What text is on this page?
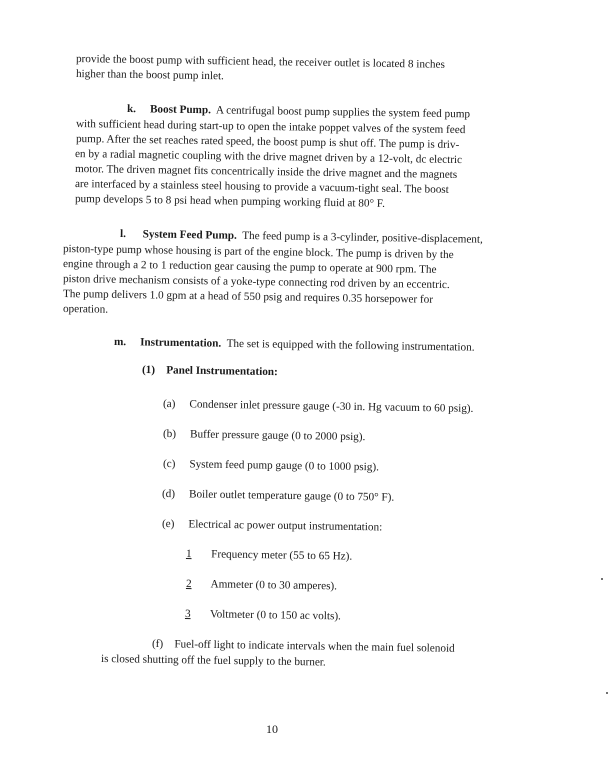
provide the boost pump with sufficient head, the receiver outlet is located 8 inches
higher than the boost pump inlet.
k. Boost Pump. A centrifugal boost pump supplies the system feed pump
with sufficient head during start-up to open the intake poppet valves of the system feed
pump. After the set reaches rated speed, the boost pump is shut off. The pump is driv-
en by a radial magnetic coupling with the drive magnet driven by a 12-volt, dc electric
motor. The driven magnet fits concentrically inside the drive magnet and the magnets
are interfaced by a stainless steel housing to provide a vacuum-tight seal. The boost
pump develops 5 to 8 psi head when pumping working fluid at 80° F.
l. System Feed Pump. The feed pump is a 3-cylinder, positive-displacement,
piston-type pump whose housing is part of the engine block. The pump is driven by the
engine through a 2 to 1 reduction gear causing the pump to operate at 900 rpm. The
piston drive mechanism consists of a yoke-type connecting rod driven by an eccentric.
The pump delivers 1.0 gpm at a head of 550 psig and requires 0.35 horsepower for
operation.
m. Instrumentation. The set is equipped with the following instrumentation.
(1) Panel Instrumentation:
(a) Condenser inlet pressure gauge (-30 in. Hg vacuum to 60 psig).
(b) Buffer pressure gauge (0 to 2000 psig).
(c) System feed pump gauge (0 to 1000 psig).
(d) Boiler outlet temperature gauge (0 to 750° F).
(e) Electrical ac power output instrumentation:
1 Frequency meter (55 to 65 Hz).
2 Ammeter (0 to 30 amperes).
3 Voltmeter (0 to 150 ac volts).
(f) Fuel-off light to indicate intervals when the main fuel solenoid
is closed shutting off the fuel supply to the burner.
10
